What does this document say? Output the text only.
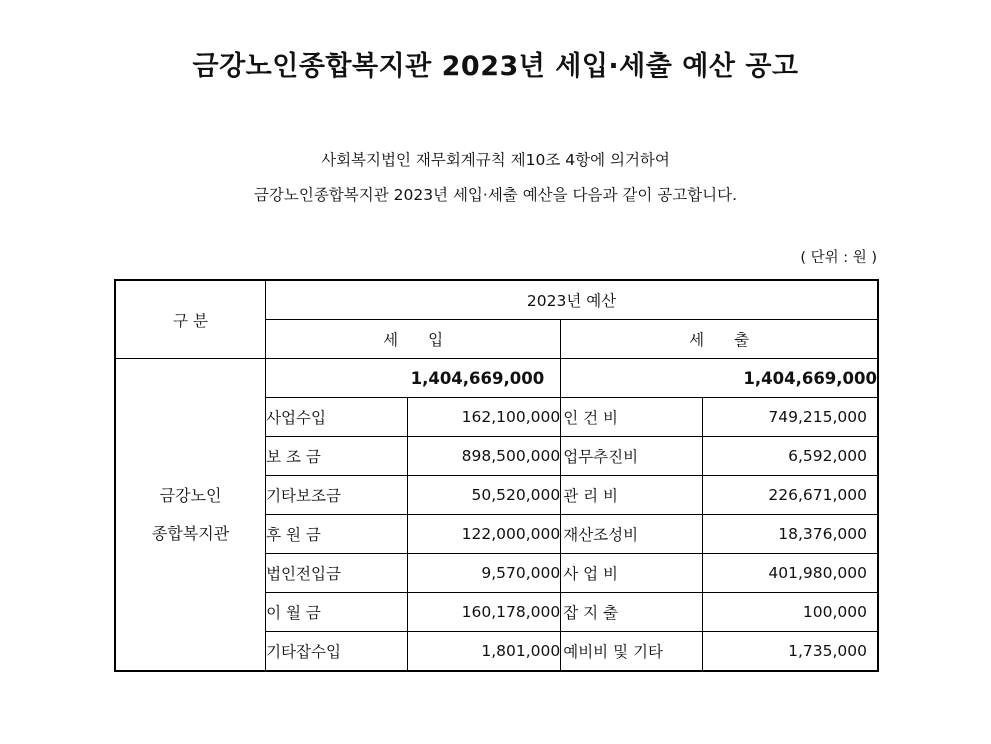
금강노인종합복지관 2023년 세입·세출 예산 공고
사회복지법인 재무회계규칙 제10조 4항에 의거하여
금강노인종합복지관 2023년 세입·세출 예산을 다음과 같이 공고합니다.
( 단위 : 원 )
구 분	2023년 예산			
	세입		세출	

금강노인
종합복지관	1,404,669,000		1,404,669,000	
	사업수입	162,100,000	인 건 비	749,215,000
	보 조 금	898,500,000	업무추진비	6,592,000
	기타보조금	50,520,000	관 리 비	226,671,000
	후 원 금	122,000,000	재산조성비	18,376,000
	법인전입금	9,570,000	사 업 비	401,980,000
	이 월 금	160,178,000	잡 지 출	100,000
	기타잡수입	1,801,000	예비비 및 기타	1,735,000
